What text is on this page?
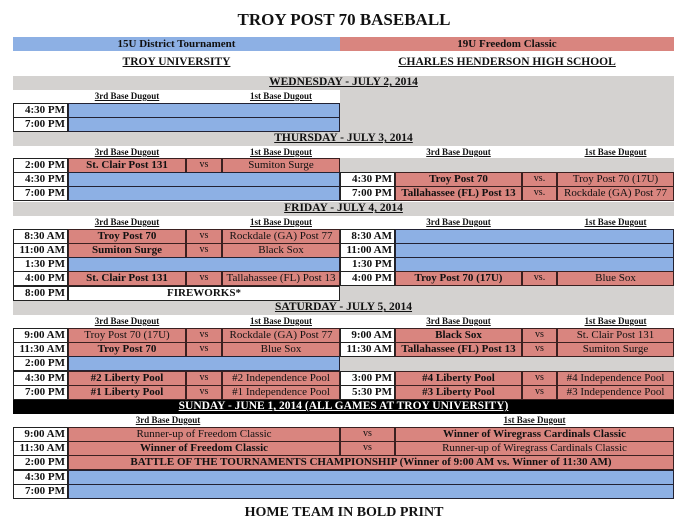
TROY POST 70 BASEBALL
15U District Tournament	19U Freedom Classic
TROY UNIVERSITY	CHARLES HENDERSON HIGH SCHOOL
HOME TEAM IN BOLD PRINT
WEDNESDAY - JULY 2, 2014
3rd Base Dugout	1st Base Dugout
4:30 PM
7:00 PM
THURSDAY - JULY 3, 2014
3rd Base Dugout	1st Base Dugout
2:00 PM	St. Clair Post 131	vs	Sumiton Surge
4:30 PM
7:00 PM
3rd Base Dugout	1st Base Dugout
4:30 PM	Troy Post 70	vs.	Troy Post 70 (17U)
7:00 PM Tallahassee (FL) Post 13	vs.	Rockdale (GA) Post 77
FRIDAY - JULY 4, 2014
3rd Base Dugout	1st Base Dugout
8:30 AM	Troy Post 70	vs	Rockdale (GA) Post 77
11:00 AM	Sumiton Surge	vs	Black Sox
1:30 PM
4:00 PM	St. Clair Post 131	vs	Tallahassee (FL) Post 13
8:00 PM	FIREWORKS*
3rd Base Dugout	1st Base Dugout
8:30 AM
11:00 AM
1:30 PM
4:00 PM	Troy Post 70 (17U)	vs.	Blue Sox
SATURDAY - JULY 5, 2014
3rd Base Dugout	1st Base Dugout
9:00 AM	Troy Post 70 (17U)	vs	Rockdale (GA) Post 77
11:30 AM	Troy Post 70	vs	Blue Sox
2:00 PM
4:30 PM	#2 Liberty Pool	vs	#2 Independence Pool
7:00 PM	#1 Liberty Pool	vs	#1 Independence Pool
3rd Base Dugout	1st Base Dugout
9:00 AM	Black Sox	vs	St. Clair Post 131
11:30 AM Tallahassee (FL) Post 13	vs	Sumiton Surge
3:00 PM	#4 Liberty Pool	vs	#4 Independence Pool
5:30 PM	#3 Liberty Pool	vs	#3 Independence Pool
SUNDAY - JUNE 1, 2014 (ALL GAMES AT TROY UNIVERSITY)
3rd Base Dugout	1st Base Dugout
9:00 AM	Runner-up of Freedom Classic	vs	Winner of Wiregrass Cardinals Classic
11:30 AM	Winner of Freedom Classic	vs	Runner-up of Wiregrass Cardinals Classic
2:00 PM	BATTLE OF THE TOURNAMENTS CHAMPIONSHIP (Winner of 9:00 AM vs. Winner of 11:30 AM)
4:30 PM
7:00 PM
